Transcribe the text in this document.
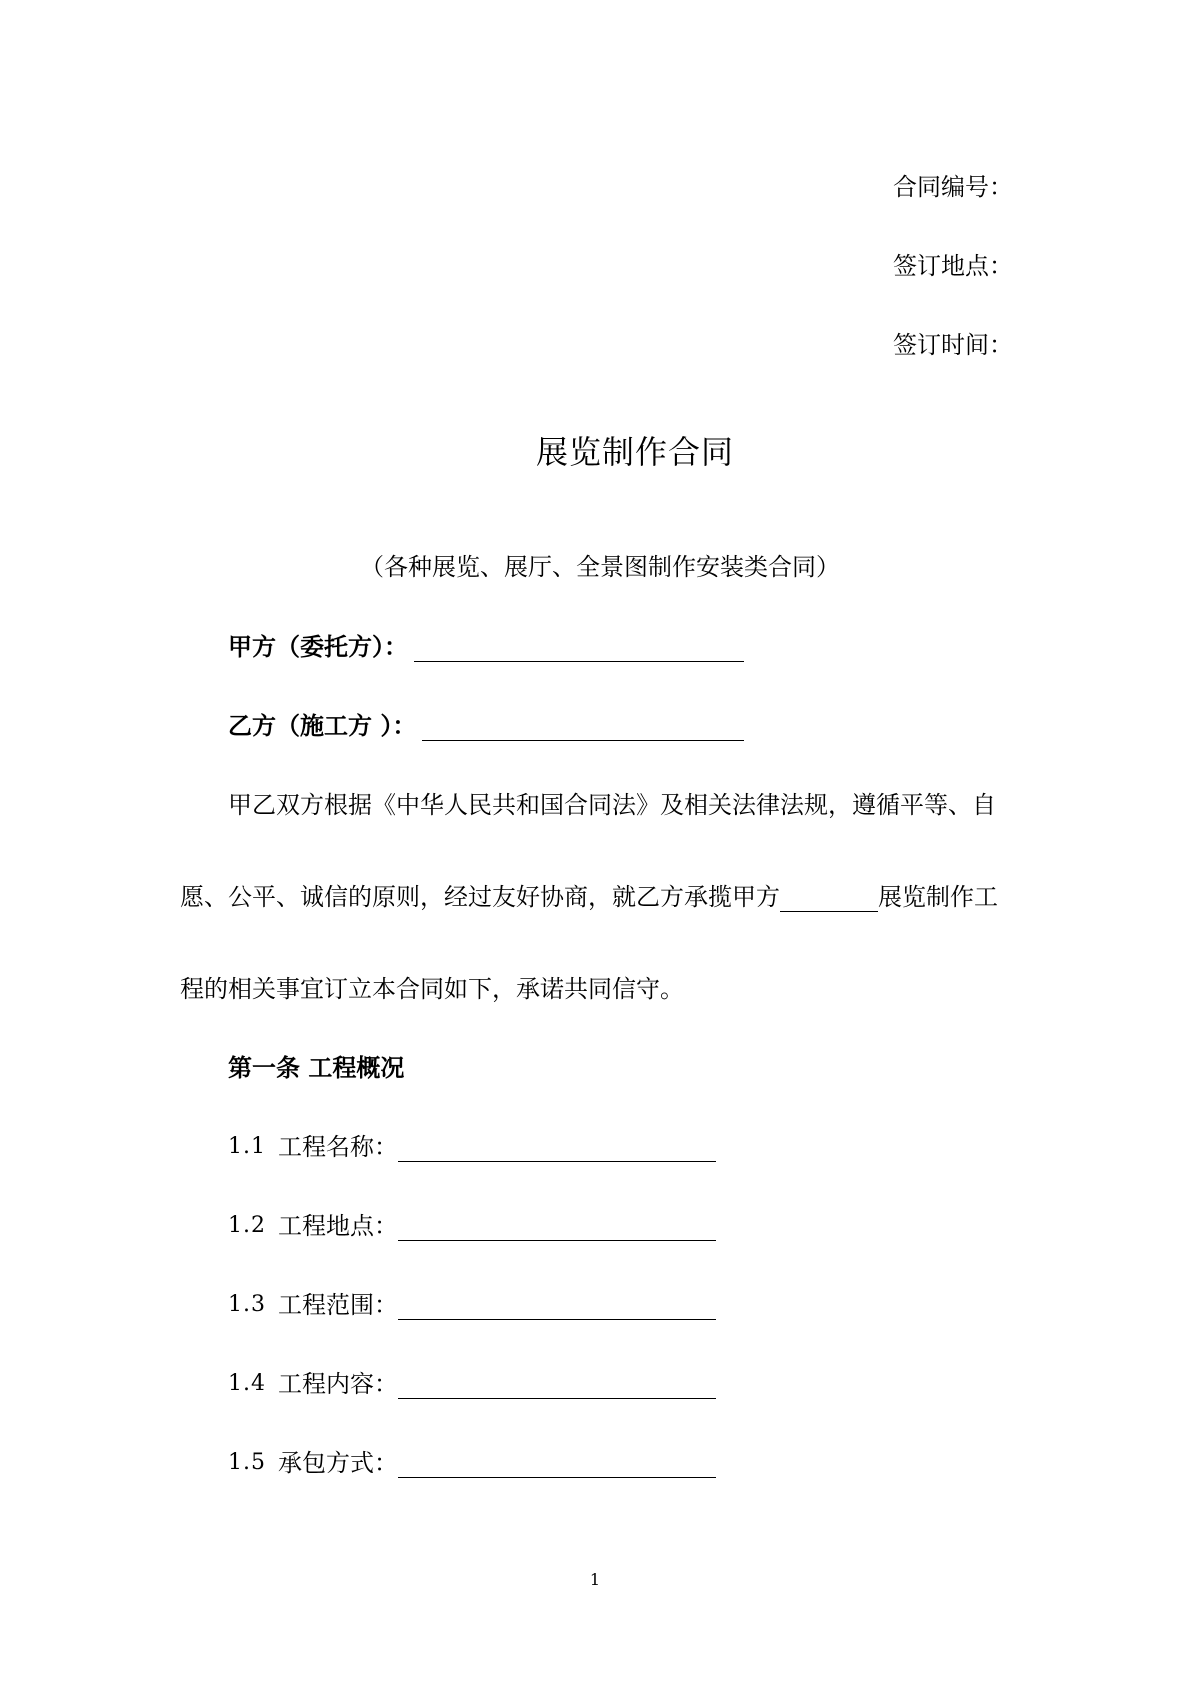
合同编号：
签订地点：
签订时间：
展览制作合同
（各种展览、展厅、全景图制作安装类合同）
甲方（委托方）：
乙方（施工方 ）：
甲乙双方根据《中华人民共和国合同法》及相关法律法规，遵循平等、自
愿、公平、诚信的原则，经过友好协商，就乙方承揽甲方	展览制作工
程的相关事宜订立本合同如下，承诺共同信守。
第一条 工程概况
1.1 工程名称：
1.2 工程地点：
1.3 工程范围：
1.4 工程内容：
1.5 承包方式：
1
